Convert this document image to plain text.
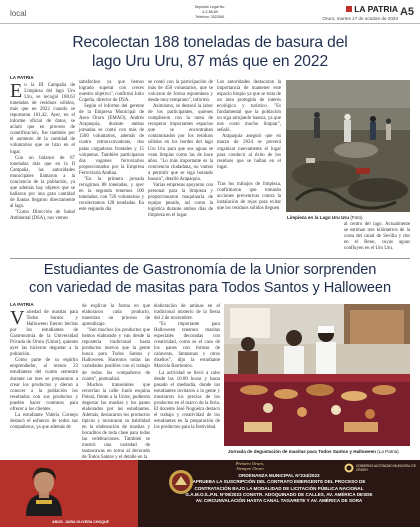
local
Depósito Legal No.
4-3-88-89
Teléfono: 2523561
LA PATRIA
Oruro, martes 17 de octubre de 2023
A5
Recolectan 188 toneladas de basura del
lago Uru Uru, 87 más que en 2022
LA PATRIA

En la III Campaña de Limpieza del lago Uru Uru, se recogió 188,63 toneladas de residuos sólidos, más que en 2022 cuando se reportaron 101,42. Ayer, en el informe oficial de datos, se aclaró que en proceso de cuantificación, fue también por el aumento de la cantidad de voluntarios que se hizo en el lugar.

Con un balance de 87 toneladas más que en la II Campaña, las autoridades municipales llamaron a la conciencia de la población, ya que además hay objetos que se hallaron por una gran cantidad de llantas llegaron directamente al lago.

"Como Dirección de Salud Ambiental (DSA), nos vemos

satisfechos ya que hemos logrado superar con creces nuestro objetivo", confirmó Julio Copeña, director de DSA.

Según el informe del gerente de la Empresa Municipal de Aseo Oruro (EMAO), Andrés Arapaquia, durante ambas jornadas se contó con más de 1500 voluntarios, además de cuatro retroexcavadoras, dos palas cargadoras frontales y 15 volquetas. También participaron dos vagones ferroviarios proporcionados por la Empresa Ferroviaria Andina.

"En la primera jornada recogimos 88 toneladas, y ayer en la segunda tenemos 100 toneladas, con 720 voluntarios y recolectamos 128 toneladas. En este segundo día

se contó con la participación de más de 450 voluntarios, que se volcaron de forma espontánea y desde muy temprano", informó.

Asimismo, se destacó la labor de los participantes, quienes cumplieron con la tarea de recuperar importantes espacios que se encontraban contaminados por los residuos sólidos en los bordes del lago Uru Uru para que sus aguas se vean limpias como las de hace años. "Lo más importante es la conciencia ciudadana, no vamos a permitir que se siga botando basura", detalló Arapaquia.

Varias empresas apoyaron con personal para la limpieza y proporcionaron maquinaria de equipo pesado, así como la logística durante ambos días de limpieza en el lugar.

Los autoridades destacaron la importancia de mantener este espacio limpio ya que se trata de un área protegida de interés ecológico y turístico. "Es fundamental que la población no siga arrojando basura, ya que nos costó mucho limpiar", señaló.

Arapaquia aseguró que en marzo de 2024 se preverá organizar nuevamente el lugar para conducir al éxito de los residuos que se hallan en el lugar.

Limpieza en la Lago Uru Uru (Foto)

Tras los trabajos de limpieza, confirmaron que tomarán acciones preventivas contra la instalación de rejas para evitar que los residuos sólidos lleguen

al centro del lago. Actualmente se estiman tres kilómetros de la costa del canal de Sevilla y dos en el Reno, cuyas aguas confluyen en el Uru Uru.

Estudiantes de Gastronomía de la Unior sorprenden
con variedad de masitas para Todos Santos y Halloween
LA PATRIA

Variedad de masitas para Todos Santos y Halloween fueron hechas por los estudiantes de Gastronomía de la Universidad Privada de Oruro (Unior), quienes ayer las hicieron degustar a la población.

Como parte de su espíritu emprendedor, al menos 23 estudiantes del cuarto semestre durante un mes se prepararon a crear los productos y dieron a conocer a la población los resultados con sus productos y pueden hacer contratos para ofrecer a los clientes.

La estudiante Valeria Cornejo destacó el esfuerzo de todos sus compañeros, ya que además de

de explicar la forma en que elaboraron cada producto, muestran un proceso de aprendizaje.

"Son muchos los productos que hemos elaborado y van desde la repostería tradicional hasta productos nuevos que la gente busca para Todos Santos y Halloween. Hacemos todas las variedades posibles con el trabajo de todos los compañeros de cuarto", puntualizó.

Muchos transeúntes que recorrían la calle Junín esquina Potosí, frente a la Unior, pudieron degustar las masitas y los panes elaborados por los estudiantes. Además, destacaron los productos típicos y mostraron su habilidad en la elaboración de masitas y bocaditos de toda clase para todas las celebraciones. También se mostró una variedad de tantawawas en torno al decorado de Todos Santos y el detalle en la

elaboración de aminas en el tradicional misterio de la fiesta del 2 de noviembre.

"Es importante para Halloween tenemos masitas especiales decoradas con creatividad, como es el caso de los panes con formas de calaveras, fantasmas y otros diseños", dijo la estudiante Marcela Barrientos.

La actividad se llevó a cabo desde las 10:00 horas y hasta pasado el mediodía, donde los estudiantes invitaron a la gente y mostraron los precios de los productos en el marco de la feria. El docente José Nogueira destacó el trabajo y creatividad de los estudiantes en la preparación de los productos para la festividad.

Jornada de degustación de masitas para Todos Santos y Halloween (La Patria)
ABOG. JAIRA OLIVERA CHOQUE
Primero Oruro,
Siempre Oruro
GOBIERNO AUTÓNOMO MUNICIPAL DE ORURO
ORDENANZA MUNICIPAL N°234/2023
APRUEBA LA SUSCRIPCIÓN DEL CONTRATO EMERGENTE DEL PROCESO DE
CONTRATACIÓN BAJO LA MODALIDAD DE LICITACIÓN PÚBLICA NACIONAL
G.A.M.O./L.P.N. N°06/2023 CONSTR. ADOQUINADO DE CALLES, AV. AMÉRICA DESDE
AV. CIRCUNVALACIÓN HASTA CANAL TAGARETE Y AV. AMÉRICA DE SORA
